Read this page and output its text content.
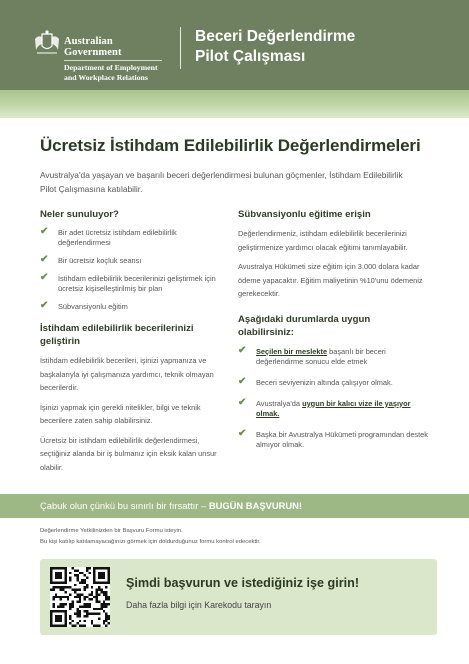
Australian Government
Department of Employment
and Workplace Relations
Beceri Değerlendirme
Pilot Çalışması
Ücretsiz İstihdam Edilebilirlik Değerlendirmeleri

Avustralya'da yaşayan ve başarılı beceri değerlendirmesi bulunan göçmenler, İstihdam Edilebilirlik Pilot Çalışmasına katılabilir.

Neler sunuluyor?
✔ Bir adet ücretsiz istihdam edilebilirlik değerlendirmesi
✔ Bir ücretsiz koçluk seansı
✔ İstihdam edilebilirlik becerilerinizi geliştirmek için ücretsiz kişiselleştirilmiş bir plan
✔ Sübvansiyonlu eğitim
İstihdam edilebilirlik becerilerinizi
geliştirin

İstihdam edilebilirlik becerileri, işinizi yapmanıza ve başkalarıyla iyi çalışmanıza yardımcı, teknik olmayan becerilerdir.

İşinizi yapmak için gerekli nitelikler, bilgi ve teknik becerilere zaten sahip olabilirsiniz.

Ücretsiz bir istihdam edilebilirlik değerlendirmesi, seçtiğiniz alanda bir iş bulmanız için eksik kalan unsur olabilir.

Sübvansiyonlu eğitime erişin

Değerlendirmeniz, istihdam edilebilirlik becerilerinizi geliştirmenize yardımcı olacak eğitimi tanımlayabilir.

Avustralya Hükümeti size eğitim için 3.000 dolara kadar ödeme yapacaktır. Eğitim maliyetinin %10'unu ödemeniz gerekecektir.

Aşağıdaki durumlarda uygun
olabilirsiniz:
✔ Seçilen bir meslekte başarılı bir beceri değerlendirme sonucu elde etmek
✔ Beceri seviyenizin altında çalışıyor olmak.
✔ Avustralya'da uygun bir kalıcı vize ile yaşıyor olmak.
✔ Başka bir Avustralya Hükümeti programından destek almıyor olmak.
Çabuk olun çünkü bu sınırlı bir fırsattır – BUGÜN BAŞVURUN!
Değerlendirme Yetkilinizden bir Başvuru Formu isteyin.
Bu kişi katılıp katılamayacağınızı görmek için doldurduğunuz formu kontrol edecektir.
Şimdi başvurun ve istediğiniz işe girin!
Daha fazla bilgi için Karekodu tarayın
